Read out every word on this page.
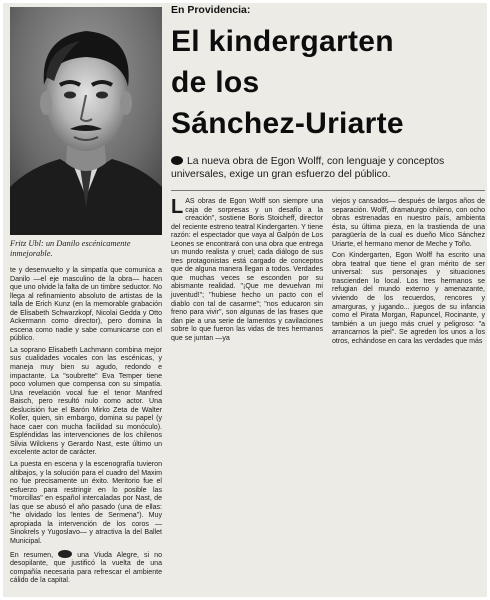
Fritz Ubl: un Danilo escénicamente inmejorable.
En Providencia:
El kindergarten
de los
Sánchez-Uriarte
La nueva obra de Egon Wolff, con lenguaje y conceptos universales, exige un gran esfuerzo del público.

te y desenvuelto y la simpatía que comunica a Danilo —el eje masculino de la obra— hacen que uno olvide la falta de un timbre seductor. No llega al refinamiento absoluto de artistas de la talla de Erich Kunz (en la memorable grabación de Elisabeth Schwarzkopf, Nicolai Gedda y Otto Ackermann como director), pero domina la escena como nadie y sabe comunicarse con el público.

La soprano Elisabeth Lachmann combina mejor sus cualidades vocales con las escénicas, y maneja muy bien su agudo, redondo e impactante. La "soubrette" Eva Temper tiene poco volumen que compensa con su simpatía. Una revelación vocal fue el tenor Manfred Baisch, pero resultó nulo como actor. Una deslucisión fue el Barón Mirko Zeta de Walter Koller, quien, sin embargo, domina su papel (y hace caer con mucha facilidad su monóculo). Espléndidas las intervenciones de los chilenos Silvia Wilckens y Gerardo Nast, este último un excelente actor de carácter.

La puesta en escena y la escenografía tuvieron altibajos, y la solución para el cuadro del Maxim no fue precisamente un éxito. Meritorio fue el esfuerzo para restringir en lo posible las "morcillas" en español intercaladas por Nast, de las que se abusó el año pasado (una de ellas: "he olvidado los lentes de Sermena"). Muy apropiada la intervención de los coros —Sinokrels y Yugoslavo— y atractiva la del Ballet Municipal.

En resumen,	una Viuda Alegre, si no desopilante, que justificó la vuelta de una compañía necesaria para refrescar el ambiente cálido de la capital.

LAS obras de Egon Wolff son siempre una caja de sorpresas y un desafío a la creación", sostiene Boris Stoicheff, director del reciente estreno teatral Kindergarten. Y tiene razón: el espectador que vaya al Galpón de Los Leones se encontrará con una obra que entrega un mundo realista y cruel; cada diálogo de sus tres protagonistas está cargado de conceptos que de alguna manera llegan a todos. Verdades que muchas veces se esconden por su abismante realidad. "¡Que me devuelvan mi juventud!"; "hubiese hecho un pacto con el diablo con tal de casarme"; "nos educaron sin freno para vivir", son algunas de las frases que dan pie a una serie de lamentos y cavilaciones sobre lo que fueron las vidas de tres hermanos que se juntan —ya

viejos y cansados— después de largos años de separación. Wolff, dramaturgo chileno, con ocho obras estrenadas en nuestro país, ambienta ésta, su última pieza, en la trastienda de una paragüería de la cual es dueño Mico Sánchez Uriarte, el hermano menor de Meche y Toño.

Con Kindergarten, Egon Wolff ha escrito una obra teatral que tiene el gran mérito de ser universal: sus personajes y situaciones trascienden lo local. Los tres hermanos se refugian del mundo externo y amenazante, viviendo de los recuerdos, rencores y amarguras, y jugando... juegos de su infancia como el Pirata Morgan, Rapuncel, Rocinante, y también a un juego más cruel y peligroso: "a arrancarnos la piel". Se agreden los unos a los otros, echándose en cara las verdades que más
